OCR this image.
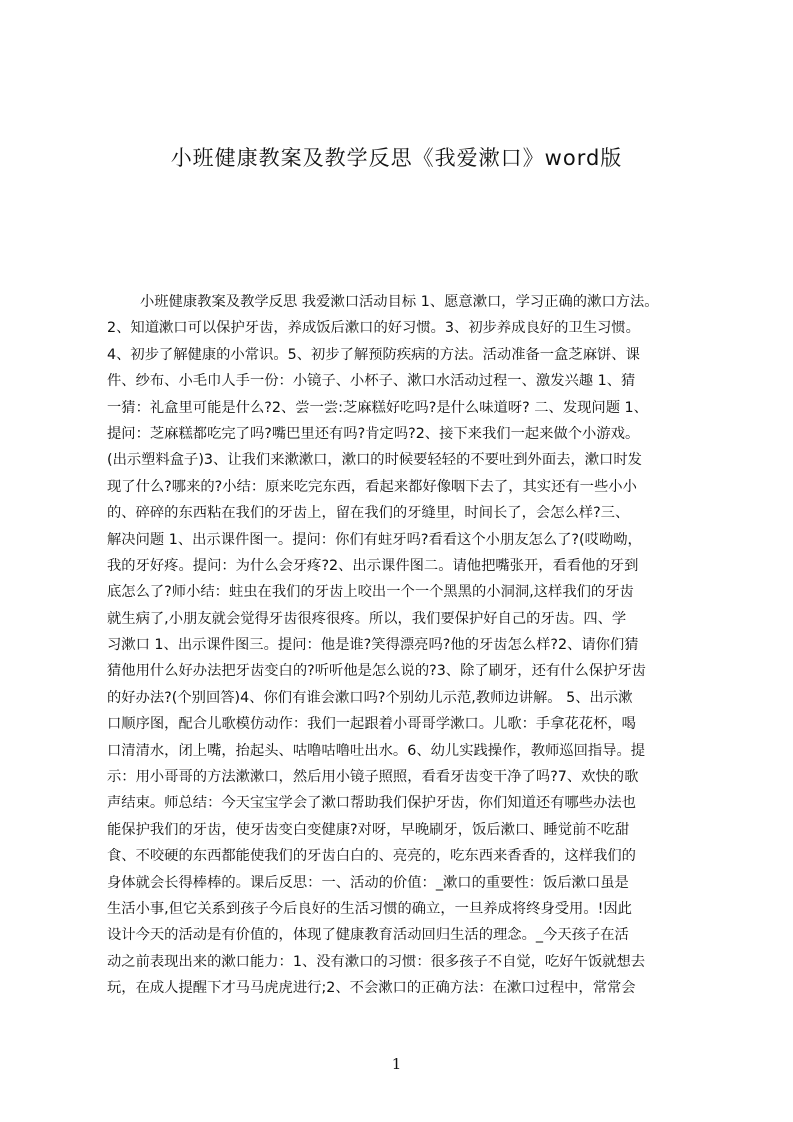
小班健康教案及教学反思《我爱漱口》word版
小班健康教案及教学反思 我爱漱口活动目标 1、愿意漱口，学习正确的漱口方法。
2、知道漱口可以保护牙齿，养成饭后漱口的好习惯。3、初步养成良好的卫生习惯。
4、初步了解健康的小常识。5、初步了解预防疾病的方法。活动准备一盒芝麻饼、课
件、纱布、小毛巾人手一份：小镜子、小杯子、漱口水活动过程一、激发兴趣 1、猜
一猜：礼盒里可能是什么?2、尝一尝:芝麻糕好吃吗?是什么味道呀? 二、发现问题 1、
提问：芝麻糕都吃完了吗?嘴巴里还有吗?肯定吗?2、接下来我们一起来做个小游戏。
(出示塑料盒子)3、让我们来漱漱口，漱口的时候要轻轻的不要吐到外面去，漱口时发
现了什么?哪来的?小结：原来吃完东西，看起来都好像咽下去了，其实还有一些小小
的、碎碎的东西粘在我们的牙齿上，留在我们的牙缝里，时间长了，会怎么样?三、
解决问题 1、出示课件图一。提问：你们有蛀牙吗?看看这个小朋友怎么了?(哎呦呦，
我的牙好疼。提问：为什么会牙疼?2、出示课件图二。请他把嘴张开，看看他的牙到
底怎么了?师小结：蛀虫在我们的牙齿上咬出一个一个黑黑的小洞洞,这样我们的牙齿
就生病了,小朋友就会觉得牙齿很疼很疼。所以，我们要保护好自己的牙齿。四、学
习漱口 1、出示课件图三。提问：他是谁?笑得漂亮吗?他的牙齿怎么样?2、请你们猜
猜他用什么好办法把牙齿变白的?听听他是怎么说的?3、除了刷牙，还有什么保护牙齿
的好办法?(个别回答)4、你们有谁会漱口吗?个别幼儿示范,教师边讲解。 5、出示漱
口顺序图，配合儿歌模仿动作：我们一起跟着小哥哥学漱口。儿歌：手拿花花杯，喝
口清清水，闭上嘴，抬起头、咕噜咕噜吐出水。6、幼儿实践操作，教师巡回指导。提
示：用小哥哥的方法漱漱口，然后用小镜子照照，看看牙齿变干净了吗?7、欢快的歌
声结束。师总结：今天宝宝学会了漱口帮助我们保护牙齿，你们知道还有哪些办法也
能保护我们的牙齿，使牙齿变白变健康?对呀，早晚刷牙，饭后漱口、睡觉前不吃甜
食、不咬硬的东西都能使我们的牙齿白白的、亮亮的，吃东西来香香的，这样我们的
身体就会长得棒棒的。课后反思：一、活动的价值：_漱口的重要性：饭后漱口虽是
生活小事,但它关系到孩子今后良好的生活习惯的确立，一旦养成将终身受用。!因此
设计今天的活动是有价值的，体现了健康教育活动回归生活的理念。_今天孩子在活
动之前表现出来的漱口能力：1、没有漱口的习惯：很多孩子不自觉，吃好午饭就想去
玩，在成人提醒下才马马虎虎进行;2、不会漱口的正确方法：在漱口过程中，常常会
1
